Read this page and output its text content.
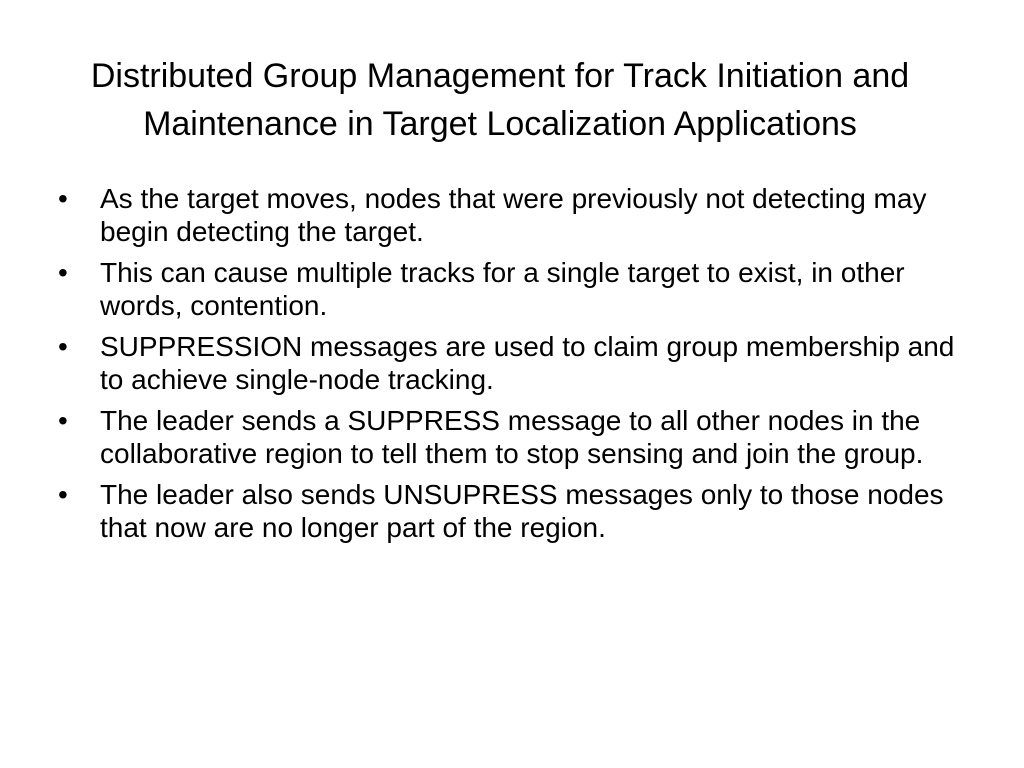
Distributed Group Management for Track Initiation and
Maintenance in Target Localization Applications
•	As the target moves, nodes that were previously not detecting may begin detecting the target.
•	This can cause multiple tracks for a single target to exist, in other words, contention.
•	SUPPRESSION messages are used to claim group membership and to achieve single-node tracking.
•	The leader sends a SUPPRESS message to all other nodes in the collaborative region to tell them to stop sensing and join the group.
•	The leader also sends UNSUPRESS messages only to those nodes that now are no longer part of the region.
